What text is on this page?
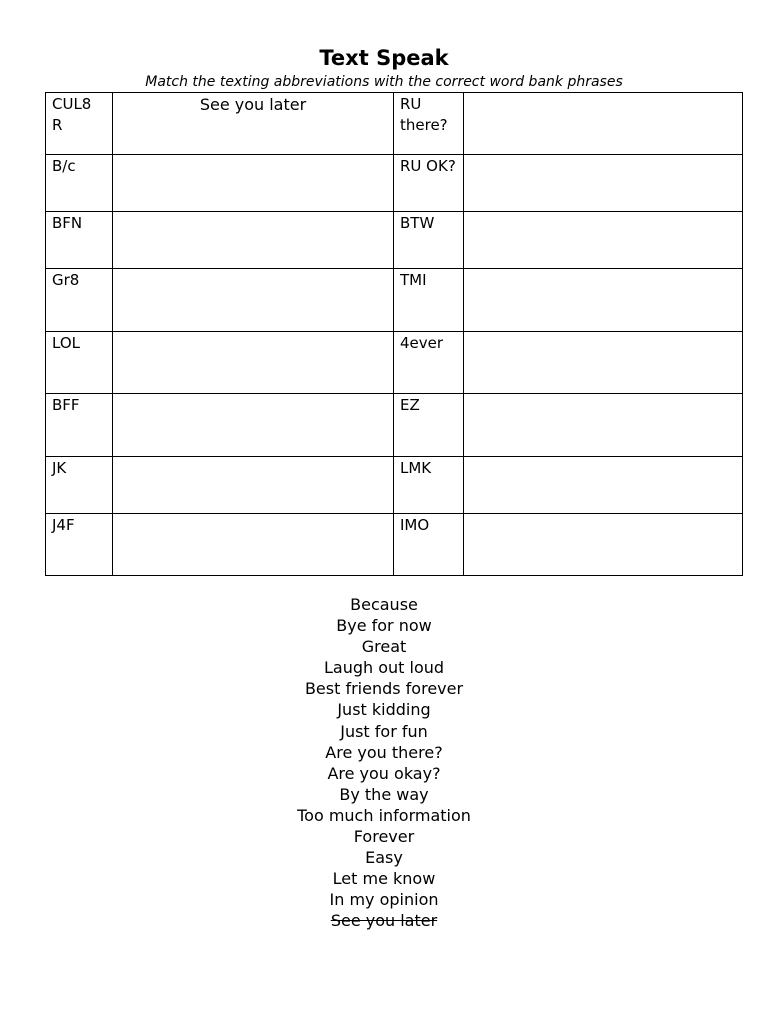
Text Speak
Match the texting abbreviations with the correct word bank phrases
CUL8 R	See you later	RU there?	
B/c		RU OK?	
BFN		BTW	
Gr8		TMI	
LOL		4ever	
BFF		EZ	
JK		LMK	
J4F		IMO	
Because
Bye for now
Great
Laugh out loud
Best friends forever
Just kidding
Just for fun
Are you there?
Are you okay?
By the way
Too much information
Forever
Easy
Let me know
In my opinion
See you later
